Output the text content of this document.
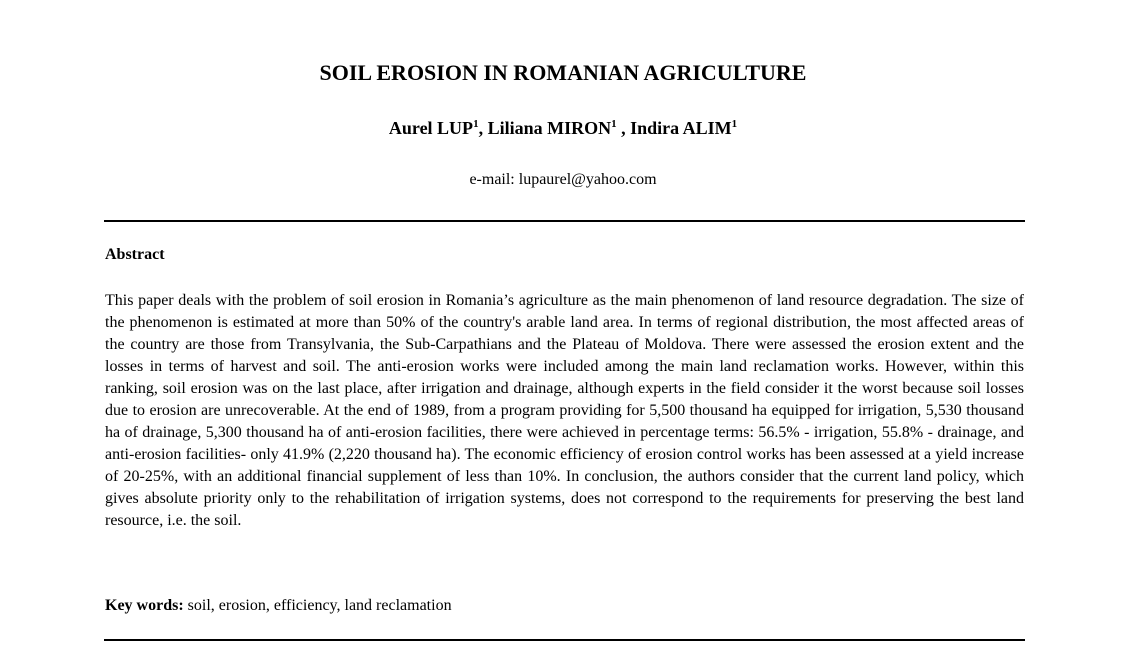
SOIL EROSION IN ROMANIAN AGRICULTURE
Aurel LUP$^1$, Liliana MIRON$^1$ , Indira ALIM$^1$
e-mail: lupaurel@yahoo.com
Abstract
This paper deals with the problem of soil erosion in Romania’s agriculture as the main phenomenon of land resource degradation. The size of the phenomenon is estimated at more than 50% of the country's arable land area. In terms of regional distribution, the most affected areas of the country are those from Transylvania, the Sub-Carpathians and the Plateau of Moldova. There were assessed the erosion extent and the losses in terms of harvest and soil. The anti-erosion works were included among the main land reclamation works. However, within this ranking, soil erosion was on the last place, after irrigation and drainage, although experts in the field consider it the worst because soil losses due to erosion are unrecoverable. At the end of 1989, from a program providing for 5,500 thousand ha equipped for irrigation, 5,530 thousand ha of drainage, 5,300 thousand ha of anti-erosion facilities, there were achieved in percentage terms: 56.5% - irrigation, 55.8% - drainage, and anti-erosion facilities- only 41.9% (2,220 thousand ha). The economic efficiency of erosion control works has been assessed at a yield increase of 20-25%, with an additional financial supplement of less than 10%. In conclusion, the authors consider that the current land policy, which gives absolute priority only to the rehabilitation of irrigation systems, does not correspond to the requirements for preserving the best land resource, i.e. the soil.
Key words: soil, erosion, efficiency, land reclamation
